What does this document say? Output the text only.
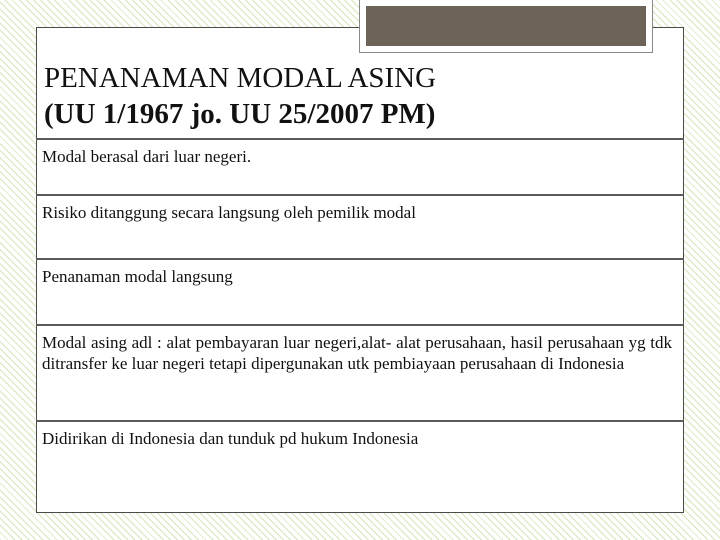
PENANAMAN MODAL ASING
(UU 1/1967 jo. UU 25/2007 PM)
Modal berasal dari luar negeri.
Risiko ditanggung secara langsung oleh pemilik modal
Penanaman modal langsung
Modal asing adl : alat pembayaran luar negeri,alat- alat perusahaan, hasil perusahaan yg tdk ditransfer ke luar negeri tetapi dipergunakan utk pembiayaan perusahaan di Indonesia
Didirikan di Indonesia dan tunduk pd hukum Indonesia
